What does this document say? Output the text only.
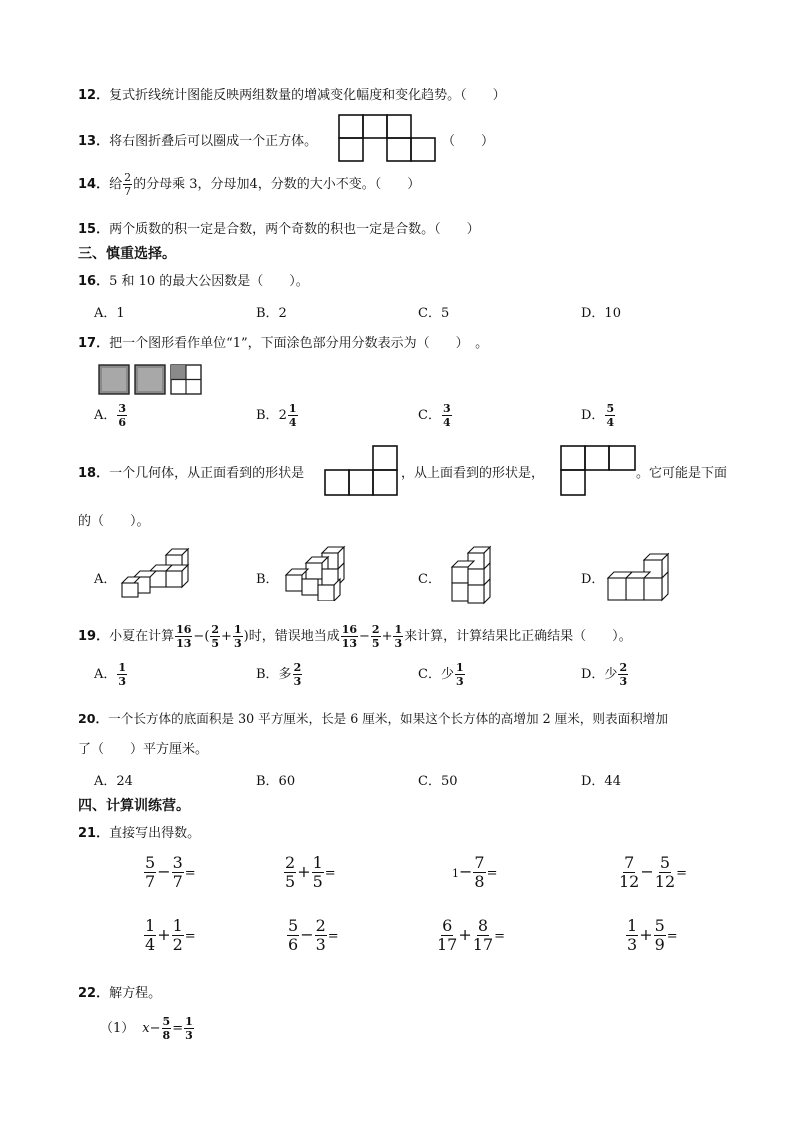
12．复式折线统计图能反映两组数量的增减变化幅度和变化趋势。（　　）
13．将右图折叠后可以圈成一个正方体。	（　　）
14．给 $\frac{2}{7}$ 的分母乘 3，分母加4，分数的大小不变。（　　）
15．两个质数的积一定是合数，两个奇数的积也一定是合数。（　　）
三、慎重选择。
16．5 和 10 的最大公因数是（　　）。
A．1	B．2	C．5	D．10
17．把一个图形看作单位“1”，下面涂色部分用分数表示为（　　）　。
A． $\frac{3}{6}$	B．$2 \frac{1}{4}$	C． $\frac{3}{4}$	D． $\frac{5}{4}$
18．一个几何体，从正面看到的形状是	，从上面看到的形状是，	。它可能是下面
的（　　）。
A．	B．	C．	D．
19．小夏在计算 $\frac{16}{13}$ −( $\frac{2}{5} + \frac{1}{3}$ )时，错误地当成 $\frac{16}{13} - \frac{2}{5} + \frac{1}{3}$ 来计算，计算结果比正确结果（　　）。
A． $\frac{1}{3}$	B．多 $\frac{2}{3}$	C．少 $\frac{1}{3}$	D．少 $\frac{2}{3}$
20．一个长方体的底面积是 30 平方厘米，长是 6 厘米，如果这个长方体的高增加 2 厘米，则表面积增加
了（　　）平方厘米。
A．24	B．60	C．50	D．44
四、计算训练营。
21．直接写出得数。
$\frac{5}{7} - \frac{3}{7}$ =	$\frac{2}{5} + \frac{1}{5}$ =	$1- \frac{7}{8}$ =	$\frac{7}{12} - \frac{5}{12}$ =
$\frac{1}{4} + \frac{1}{2}$ =	$\frac{5}{6} - \frac{2}{3}$ =	$\frac{6}{17} + \frac{8}{17}$ =	$\frac{1}{3} + \frac{5}{9}$ =
22．解方程。
（1） $x- \frac{5}{8} = \frac{1}{3}$
